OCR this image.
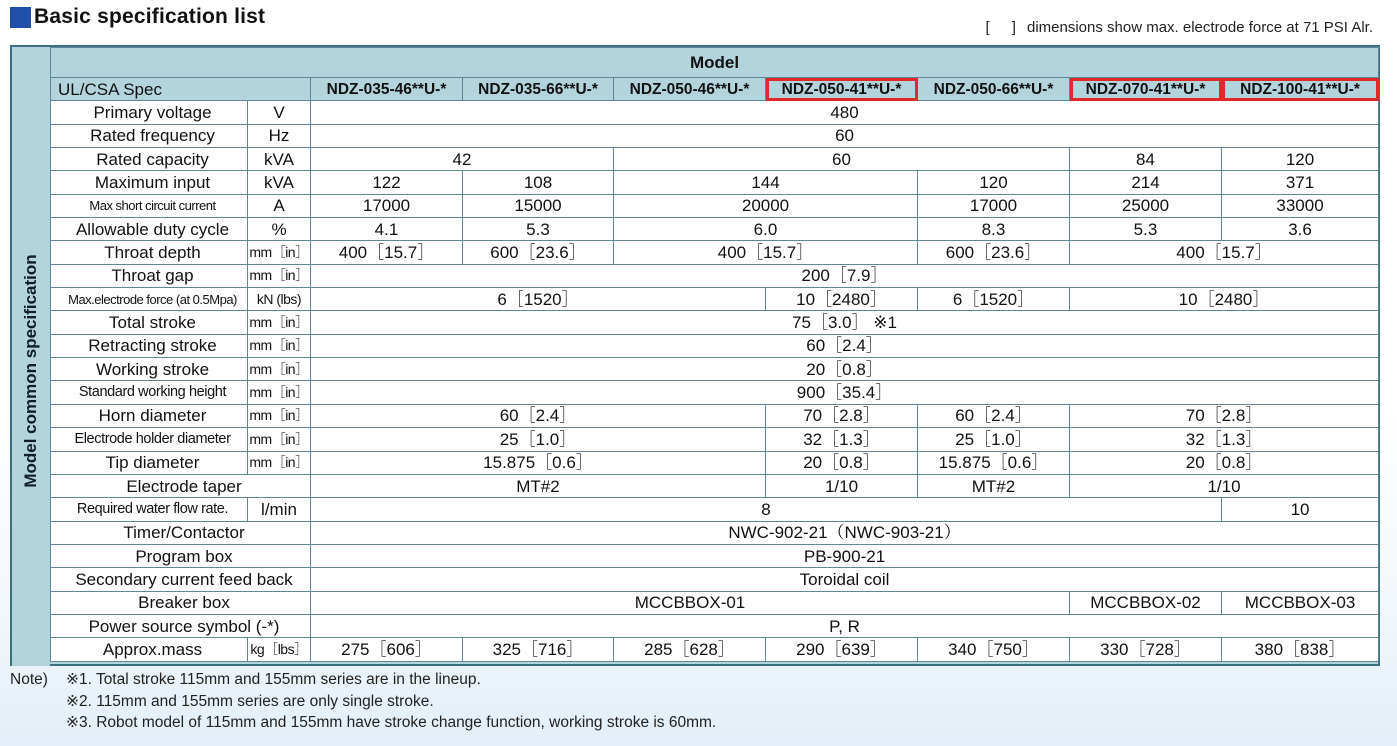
Basic specification list	[ ] dimensions show max. electrode force at 71 PSI Alr.
Model common specification
Model								
UL/CSA Spec		NDZ-035-46**U-*	NDZ-035-66**U-*	NDZ-050-46**U-*	NDZ-050-41**U-*	NDZ-050-66**U-*	NDZ-070-41**U-*	NDZ-100-41**U-*
Primary voltage	V	480						
Rated frequency	Hz	60						
Rated capacity	kVA	42		60			84	120
Maximum input	kVA	122	108	144		120	214	371
Max short circuit current	A	17000	15000	20000		17000	25000	33000
Allowable duty cycle	%	4.1	5.3	6.0		8.3	5.3	3.6
Throat depth	mm［in］	400［15.7］	600［23.6］	400［15.7］		600［23.6］	400［15.7］	
Throat gap	mm［in］	200［7.9］						
Max.electrode force (at 0.5Mpa)	kN (lbs)	6［1520］			10［2480］	6［1520］	10［2480］	
Total stroke	mm［in］	75［3.0］ ※1						
Retracting stroke	mm［in］	60［2.4］						
Working stroke	mm［in］	20［0.8］						
Standard working height	mm［in］	900［35.4］						
Horn diameter	mm［in］	60［2.4］			70［2.8］	60［2.4］	70［2.8］	
Electrode holder diameter	mm［in］	25［1.0］			32［1.3］	25［1.0］	32［1.3］	
Tip diameter	mm［in］	15.875［0.6］			20［0.8］	15.875［0.6］	20［0.8］	
Electrode taper		MT#2			1/10	MT#2	1/10	
Required water flow rate.	l/min	8						10
Timer/Contactor		NWC-902-21（NWC-903-21）						
Program box		PB-900-21						
Secondary current feed back		Toroidal coil						
Breaker box		MCCBBOX-01					MCCBBOX-02	MCCBBOX-03
Power source symbol (-*)		P, R						
Approx.mass	kg［lbs］	275［606］	325［716］	285［628］	290［639］	340［750］	330［728］	380［838］
Note) ※1. Total stroke 115mm and 155mm series are in the lineup.
※2. 115mm and 155mm series are only single stroke.
※3. Robot model of 115mm and 155mm have stroke change function, working stroke is 60mm.
